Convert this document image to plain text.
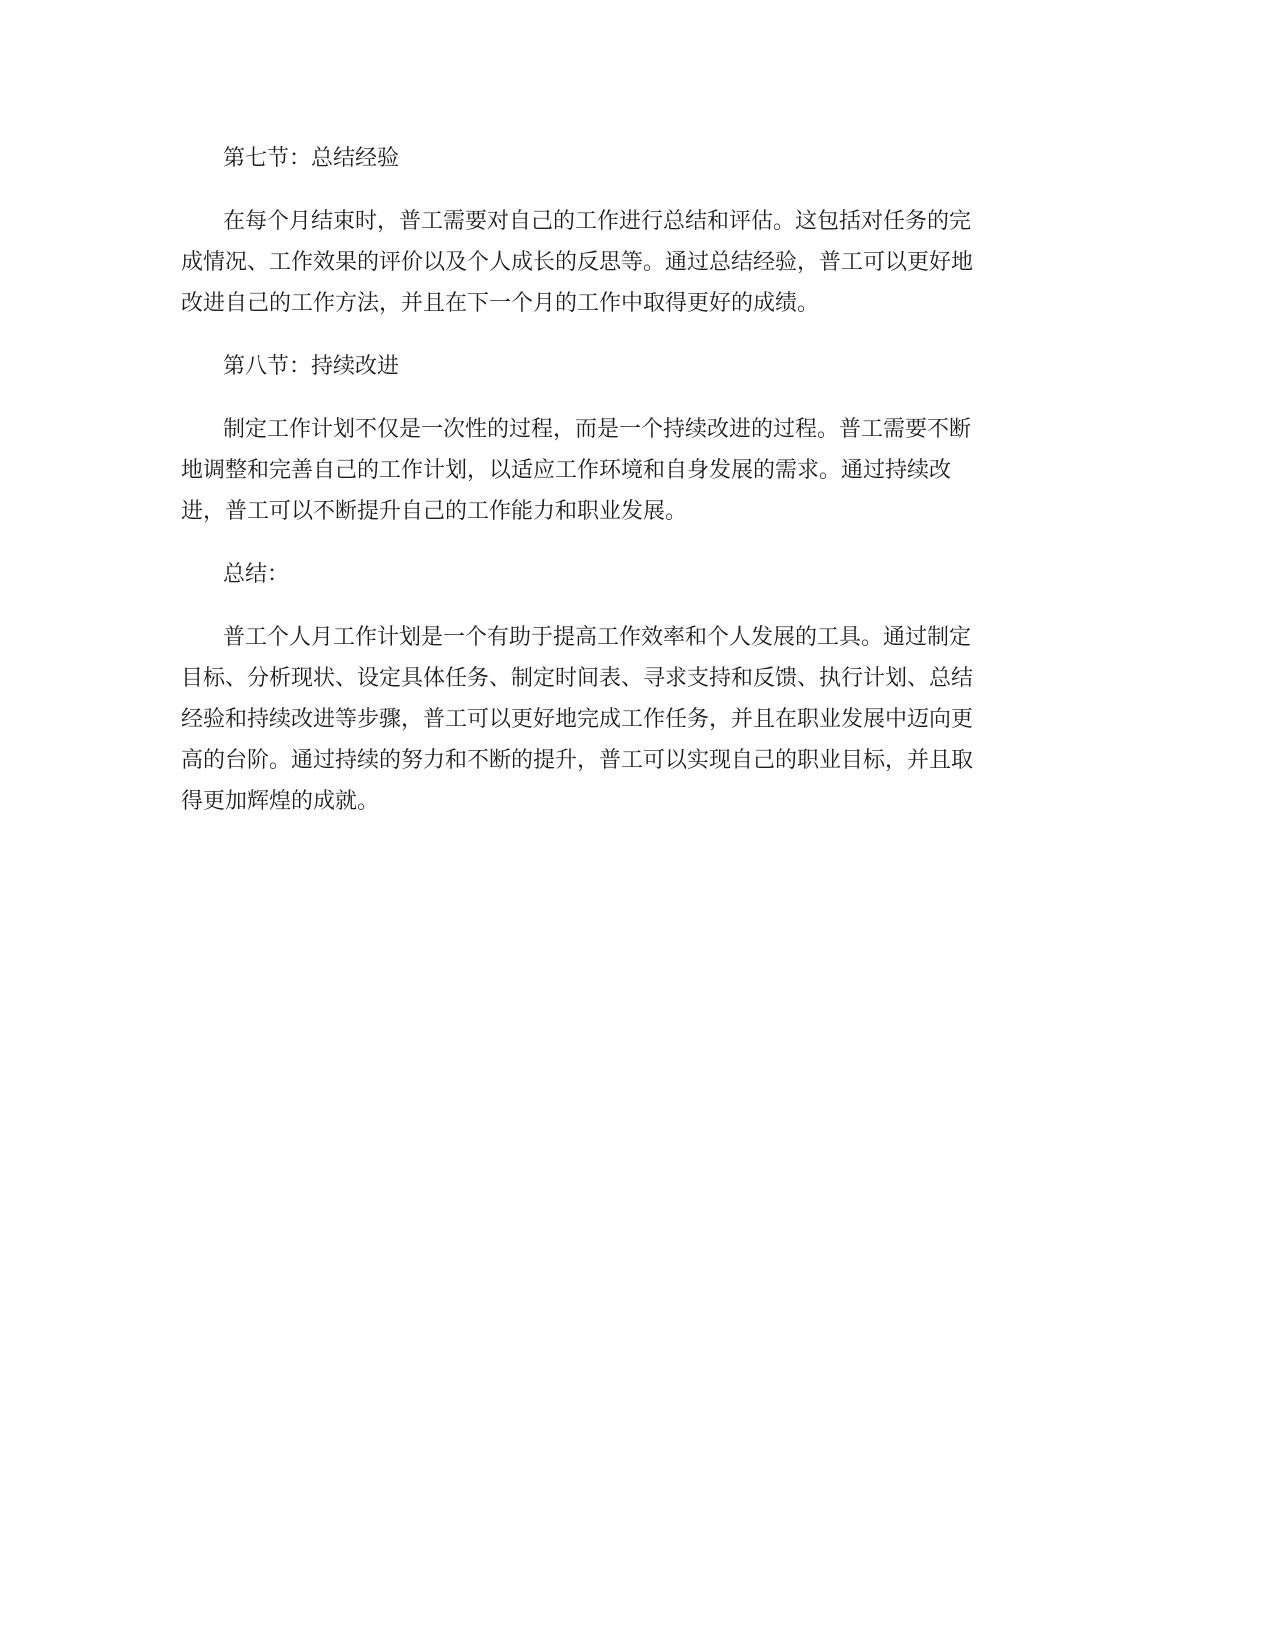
第七节：总结经验

在每个月结束时，普工需要对自己的工作进行总结和评估。这包括对任务的完
成情况、工作效果的评价以及个人成长的反思等。通过总结经验，普工可以更好地
改进自己的工作方法，并且在下一个月的工作中取得更好的成绩。

第八节：持续改进

制定工作计划不仅是一次性的过程，而是一个持续改进的过程。普工需要不断
地调整和完善自己的工作计划，以适应工作环境和自身发展的需求。通过持续改
进，普工可以不断提升自己的工作能力和职业发展。

总结：

普工个人月工作计划是一个有助于提高工作效率和个人发展的工具。通过制定
目标、分析现状、设定具体任务、制定时间表、寻求支持和反馈、执行计划、总结
经验和持续改进等步骤，普工可以更好地完成工作任务，并且在职业发展中迈向更
高的台阶。通过持续的努力和不断的提升，普工可以实现自己的职业目标，并且取
得更加辉煌的成就。
